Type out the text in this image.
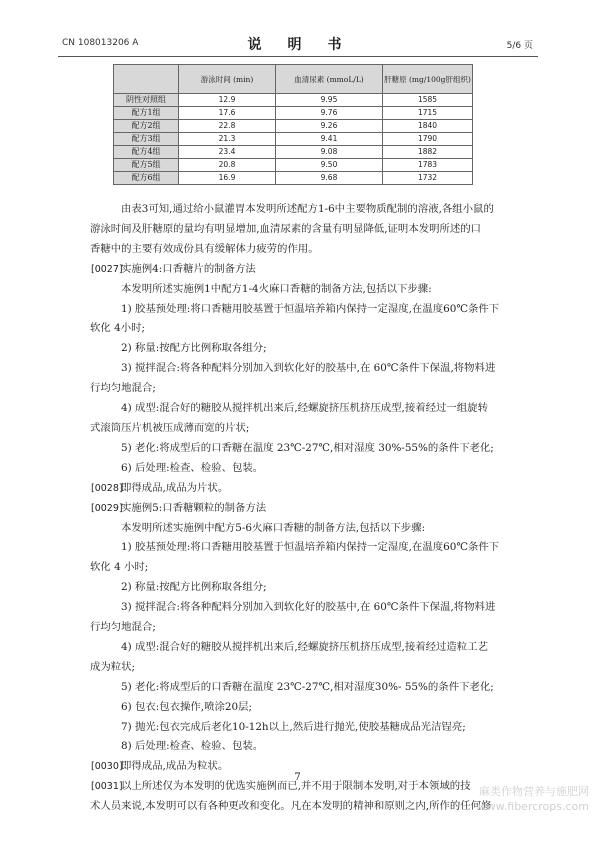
CN 108013206 A	说　明　书	5/6 页
	游泳时间 (min)	血清尿素 (mmoL/L)	肝糖原 (mg/100g肝组织)
阴性对照组	12.9	9.95	1585
配方1组	17.6	9.76	1715
配方2组	22.8	9.26	1840
配方3组	21.3	9.41	1790
配方4组	23.4	9.08	1882
配方5组	20.8	9.50	1783
配方6组	16.9	9.68	1732
由表3可知,通过给小鼠灌胃本发明所述配方1-6中主要物质配制的溶液,各组小鼠的
游泳时间及肝糖原的量均有明显增加,血清尿素的含量有明显降低,证明本发明所述的口
香糖中的主要有效成份具有缓解体力疲劳的作用。
[0027]实施例4:口香糖片的制备方法
本发明所述实施例1中配方1-4火麻口香糖的制备方法,包括以下步骤:
1) 胶基预处理:将口香糖用胶基置于恒温培养箱内保持一定湿度,在温度60℃条件下
软化 4小时;
2) 称量:按配方比例称取各组分;
3) 搅拌混合:将各种配料分别加入到软化好的胶基中,在 60℃条件下保温,将物料进
行均匀地混合;
4) 成型:混合好的糖胶从搅拌机出来后,经螺旋挤压机挤压成型,接着经过一组旋转
式滚筒压片机被压成薄而宽的片状;
5) 老化:将成型后的口香糖在温度 23℃-27℃,相对湿度 30%-55%的条件下老化;
6) 后处理:检查、检验、包装。
[0028]即得成品,成品为片状。
[0029]实施例5:口香糖颗粒的制备方法
本发明所述实施例中配方5-6火麻口香糖的制备方法,包括以下步骤:
1) 胶基预处理:将口香糖用胶基置于恒温培养箱内保持一定湿度,在温度60℃条件下
软化 4 小时;
2) 称量:按配方比例称取各组分;
3) 搅拌混合:将各种配料分别加入到软化好的胶基中,在 60℃条件下保温,将物料进
行均匀地混合;
4) 成型:混合好的糖胶从搅拌机出来后,经螺旋挤压机挤压成型,接着经过造粒工艺
成为粒状;
5) 老化:将成型后的口香糖在温度 23℃-27℃,相对湿度30%- 55%的条件下老化;
6) 包衣:包衣操作,喷涂20层;
7) 抛光:包衣完成后老化10-12h以上,然后进行抛光,使胶基糖成品光洁锃亮;
8) 后处理:检查、检验、包装。
[0030]即得成品,成品为粒状。
[0031]以上所述仅为本发明的优选实施例而已,并不用于限制本发明,对于本领域的技
术人员来说,本发明可以有各种更改和变化。凡在本发明的精神和原则之内,所作的任何修
7
麻类作物营养与施肥网
www.fibercrops.com
